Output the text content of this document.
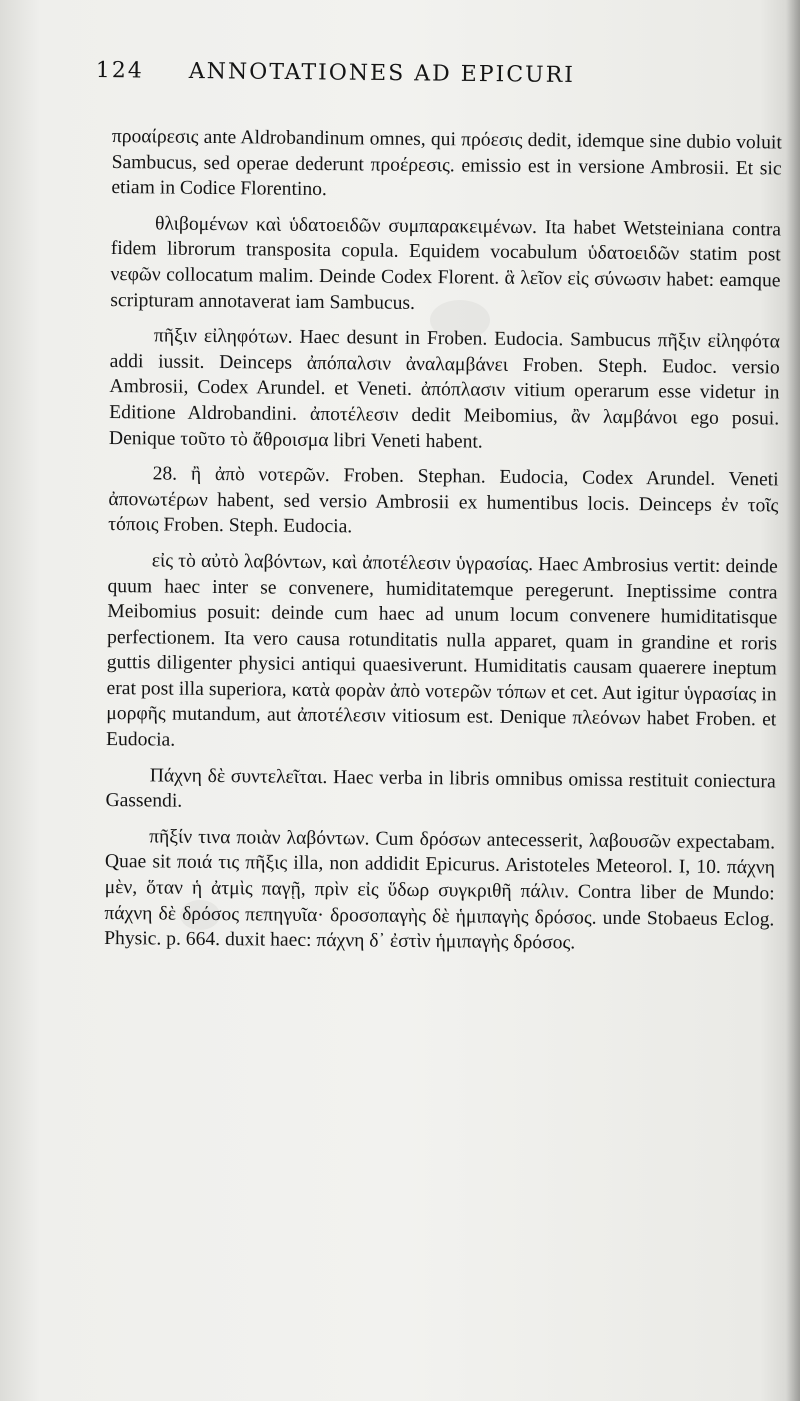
124 ANNOTATIONES AD EPICURI

προαίρεσις ante Aldrobandinum omnes, qui πρόεσις dedit, idemque sine dubio voluit Sambucus, sed operae dederunt προέρεσις. emissio est in versione Ambrosii. Et sic etiam in Codice Florentino.

θλιβομένων καὶ ὑδατοειδῶν συμπαρακειμένων. Ita habet Wetsteiniana contra fidem librorum transposita copula. Equidem vocabulum ὑδατοειδῶν statim post νεφῶν collocatum malim. Deinde Codex Florent. ἃ λεῖον εἰς σύνωσιν habet: eamque scripturam annotaverat iam Sambucus.

πῆξιν εἰληφότων. Haec desunt in Froben. Eudocia. Sambucus πῆξιν εἰληφότα addi iussit. Deinceps ἀπόπαλσιν ἀναλαμβάνει Froben. Steph. Eudoc. versio Ambrosii, Codex Arundel. et Veneti. ἀπόπλασιν vitium operarum esse videtur in Editione Aldrobandini. ἀποτέλεσιν dedit Meibomius, ἂν λαμβάνοι ego posui. Denique τοῦτο τὸ ἄθροισμα libri Veneti habent.

28. ἢ ἀπὸ νοτερῶν. Froben. Stephan. Eudocia, Codex Arundel. Veneti ἀπονωτέρων habent, sed versio Ambrosii ex humentibus locis. Deinceps ἐν τοῖς τόποις Froben. Steph. Eudocia.

εἰς τὸ αὐτὸ λαβόντων, καὶ ἀποτέλεσιν ὑγρασίας. Haec Ambrosius vertit: deinde quum haec inter se convenere, humiditatemque peregerunt. Ineptissime contra Meibomius posuit: deinde cum haec ad unum locum convenere humiditatisque perfectionem. Ita vero causa rotunditatis nulla apparet, quam in grandine et roris guttis diligenter physici antiqui quaesiverunt. Humiditatis causam quaerere ineptum erat post illa superiora, κατὰ φορὰν ἀπὸ νοτερῶν τόπων et cet. Aut igitur ὑγρασίας in μορφῆς mutandum, aut ἀποτέλεσιν vitiosum est. Denique πλεόνων habet Froben. et Eudocia.

Πάχνη δὲ συντελεῖται. Haec verba in libris omnibus omissa restituit coniectura Gassendi.

πῆξίν τινα ποιὰν λαβόντων. Cum δρόσων antecesserit, λαβουσῶν expectabam. Quae sit ποιά τις πῆξις illa, non addidit Epicurus. Aristoteles Meteorol. I, 10. πάχνη μὲν, ὅταν ἡ ἀτμὶς παγῇ, πρὶν εἰς ὕδωρ συγκριθῆ πάλιν. Contra liber de Mundo: πάχνη δὲ δρόσος πεπηγυῖα· δροσοπαγὴς δὲ ἡμιπαγὴς δρόσος. unde Stobaeus Eclog. Physic. p. 664. duxit haec: πάχνη δ᾽ ἐστὶν ἡμιπαγὴς δρόσος.
